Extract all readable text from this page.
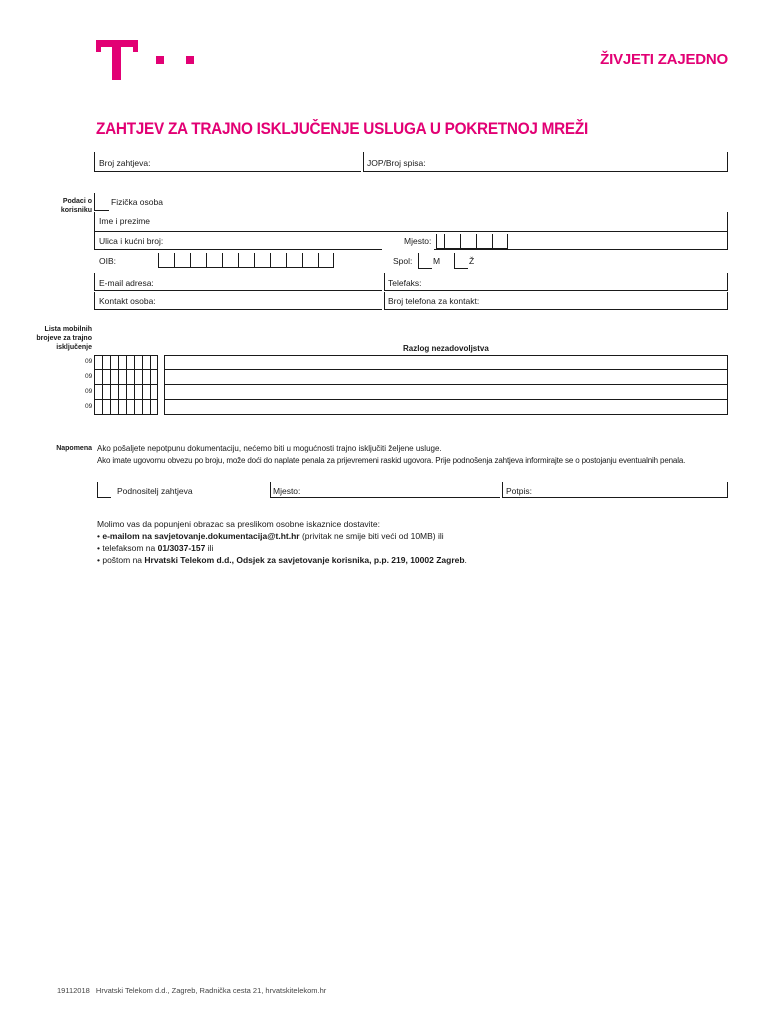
ŽIVJETI ZAJEDNO
ZAHTJEV ZA TRAJNO ISKLJUČENJE USLUGA U POKRETNOJ MREŽI
Broj zahtjeva:	JOP/Broj spisa:
Podaci o korisniku
Fizička osoba
Ime i prezime
Ulica i kućni broj:	Mjesto:
OIB:	Spol: M	Ž
E-mail adresa:	Telefaks:
Kontakt osoba:	Broj telefona za kontakt:
Lista mobilnih brojeve za trajno isključenje	Razlog nezadovoljstva
09
09
09
09
Napomena Ako pošaljete nepotpunu dokumentaciju, nećemo biti u mogućnosti trajno isključiti željene usluge.
Ako imate ugovornu obvezu po broju, može doći do naplate penala za prijevremeni raskid ugovora. Prije podnošenja zahtjeva informirajte se o postojanju eventualnih penala.
Podnositelj zahtjeva	Mjesto:	Potpis:
Molimo vas da popunjeni obrazac sa preslikom osobne iskaznice dostavite:
• e-mailom na savjetovanje.dokumentacija@t.ht.hr (privitak ne smije biti veći od 10MB) ili
• telefaksom na 01/3037-157 ili
• poštom na Hrvatski Telekom d.d., Odsjek za savjetovanje korisnika, p.p. 219, 10002 Zagreb.
19112018 Hrvatski Telekom d.d., Zagreb, Radnička cesta 21, hrvatskitelekom.hr
